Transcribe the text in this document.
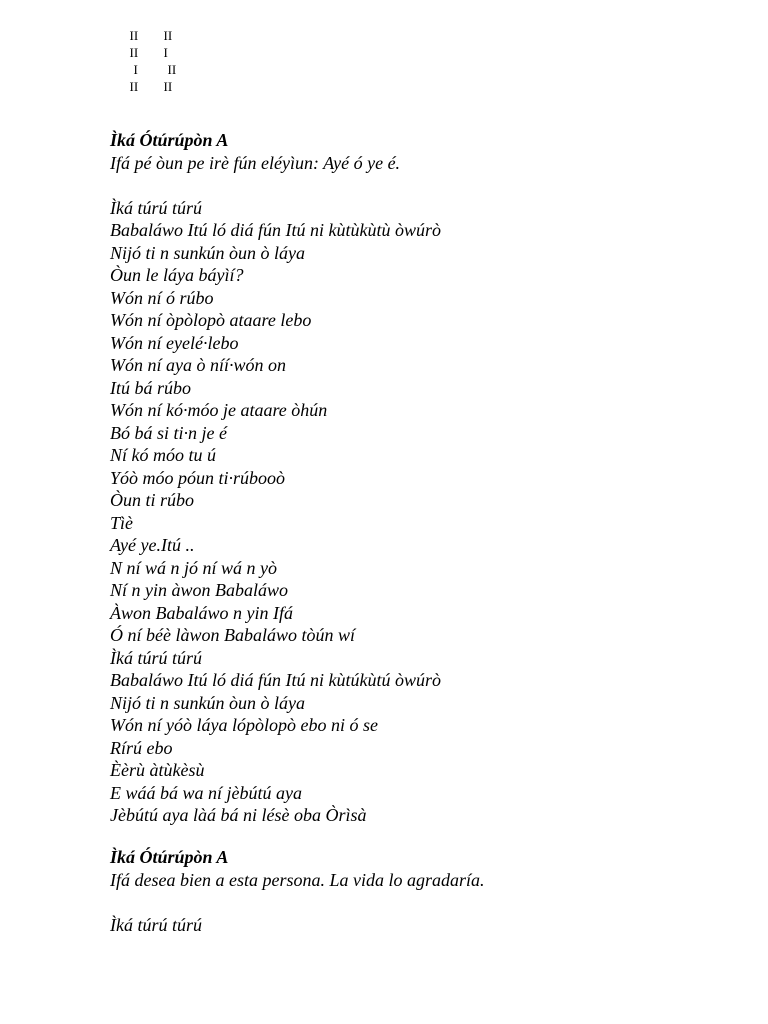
II II

II I

I II

II II

Ìká Ótúrúpòn A
Ifá pé òun pe irè fún eléyìun: Ayé ó ye é.
Ìká túrú túrú
Babaláwo Itú ló diá fún Itú ni kùtùkùtù òwúrò
Nijó ti n sunkún òun ò láya
Òun le láya báyìí?
Wón ní ó rúbo
Wón ní òpòlopò ataare lebo
Wón ní eyelé·lebo
Wón ní aya ò níí·wón on
Itú bá rúbo
Wón ní kó·móo je ataare òhún
Bó bá si ti·n je é
Ní kó móo tu ú
Yóò móo póun ti·rúbooò
Òun ti rúbo
Tìè
Ayé ye.Itú ..
N ní wá n jó ní wá n yò
Ní n yin àwon Babaláwo
Àwon Babaláwo n yin Ifá
Ó ní béè làwon Babaláwo tòún wí
Ìká túrú túrú
Babaláwo Itú ló diá fún Itú ni kùtúkùtú òwúrò
Nijó ti n sunkún òun ò láya
Wón ní yóò láya lópòlopò ebo ni ó se
Rírú ebo
Èèrù àtùkèsù
E wáá bá wa ní jèbútú aya
Jèbútú aya làá bá ni lésè oba Òrìsà
Ìká Ótúrúpòn A
Ifá desea bien a esta persona. La vida lo agradaría.
Ìká túrú túrú
